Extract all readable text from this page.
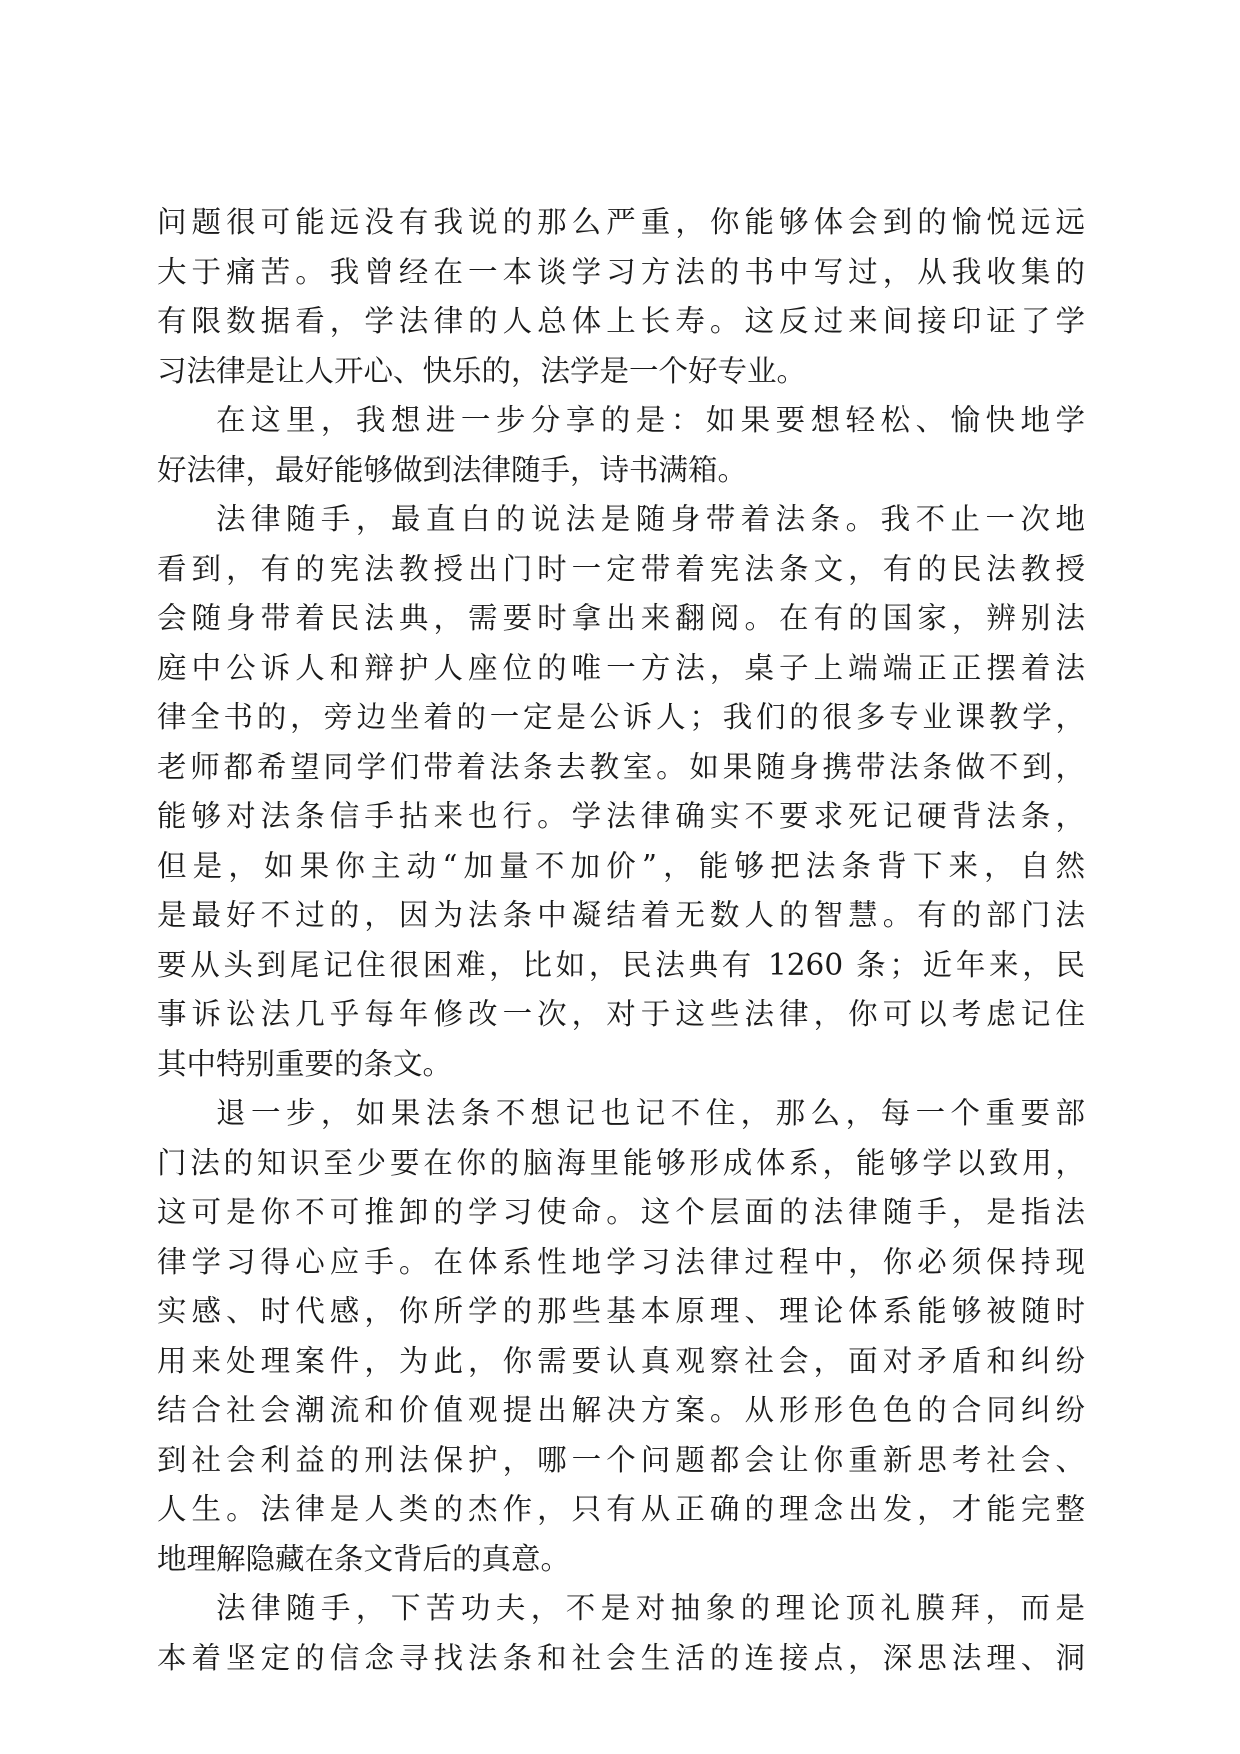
问题很可能远没有我说的那么严重，你能够体会到的愉悦远远
大于痛苦。我曾经在一本谈学习方法的书中写过，从我收集的
有限数据看，学法律的人总体上长寿。这反过来间接印证了学
习法律是让人开心、快乐的，法学是一个好专业。
在这里，我想进一步分享的是：如果要想轻松、愉快地学
好法律，最好能够做到法律随手，诗书满箱。
法律随手，最直白的说法是随身带着法条。我不止一次地
看到，有的宪法教授出门时一定带着宪法条文，有的民法教授
会随身带着民法典，需要时拿出来翻阅。在有的国家，辨别法
庭中公诉人和辩护人座位的唯一方法，桌子上端端正正摆着法
律全书的，旁边坐着的一定是公诉人；我们的很多专业课教学，
老师都希望同学们带着法条去教室。如果随身携带法条做不到，
能够对法条信手拈来也行。学法律确实不要求死记硬背法条，
但是，如果你主动“加量不加价”，能够把法条背下来，自然
是最好不过的，因为法条中凝结着无数人的智慧。有的部门法
要从头到尾记住很困难，比如，民法典有 1260 条；近年来，民
事诉讼法几乎每年修改一次，对于这些法律，你可以考虑记住
其中特别重要的条文。
退一步，如果法条不想记也记不住，那么，每一个重要部
门法的知识至少要在你的脑海里能够形成体系，能够学以致用，
这可是你不可推卸的学习使命。这个层面的法律随手，是指法
律学习得心应手。在体系性地学习法律过程中，你必须保持现
实感、时代感，你所学的那些基本原理、理论体系能够被随时
用来处理案件，为此，你需要认真观察社会，面对矛盾和纠纷
结合社会潮流和价值观提出解决方案。从形形色色的合同纠纷
到社会利益的刑法保护，哪一个问题都会让你重新思考社会、
人生。法律是人类的杰作，只有从正确的理念出发，才能完整
地理解隐藏在条文背后的真意。
法律随手，下苦功夫，不是对抽象的理论顶礼膜拜，而是
本着坚定的信念寻找法条和社会生活的连接点，深思法理、洞
